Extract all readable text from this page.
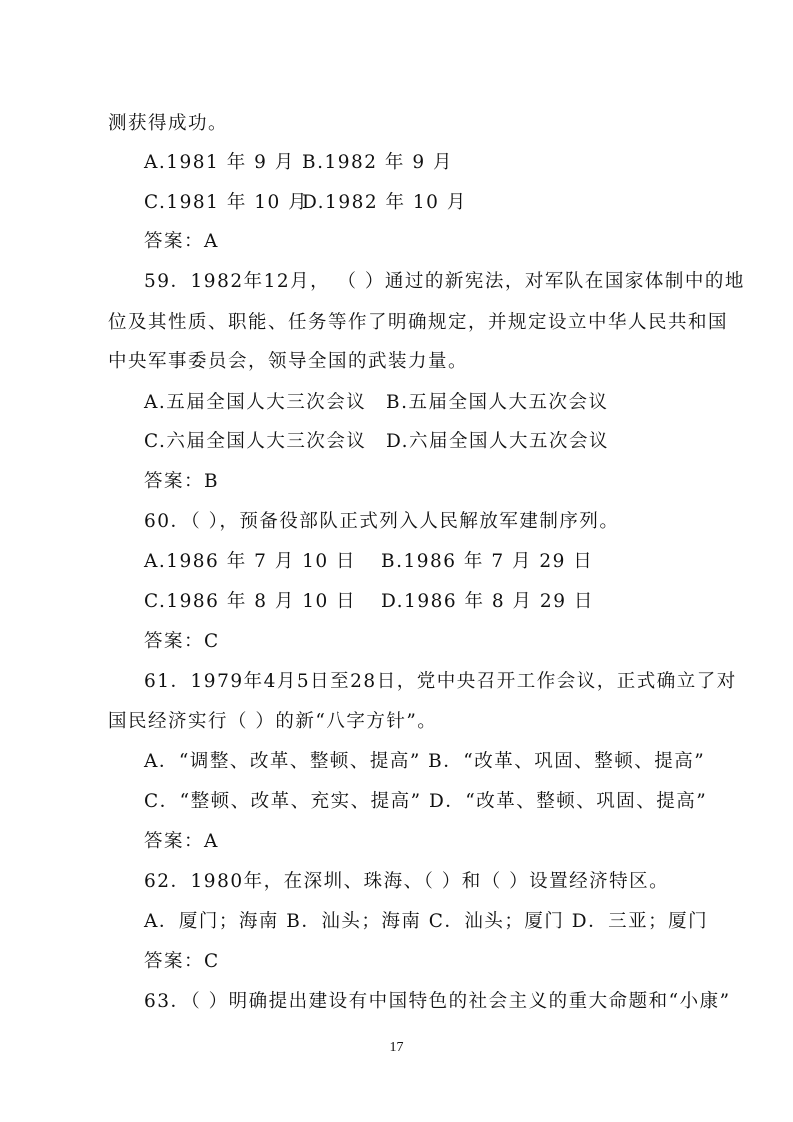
测获得成功。
A.1981 年 9 月 B.1982 年 9 月
C.1981 年 10 月
D.1982 年 10 月
答案：A
59．1982年12月， （ ）通过的新宪法，对军队在国家体制中的地
位及其性质、职能、任务等作了明确规定，并规定设立中华人民共和国
中央军事委员会，领导全国的武装力量。
A.五届全国人大三次会议 B.五届全国人大五次会议
C.六届全国人大三次会议 D.六届全国人大五次会议
答案：B
60．（ ），预备役部队正式列入人民解放军建制序列。
A.1986 年 7 月 10 日 B.1986 年 7 月 29 日
C.1986 年 8 月 10 日 D.1986 年 8 月 29 日
答案：C
61．1979年4月5日至28日，党中央召开工作会议，正式确立了对
国民经济实行（ ）的新“八字方针”。
A．“调整、改革、整顿、提高” B．“改革、巩固、整顿、提高”
C．“整顿、改革、充实、提高” D．“改革、整顿、巩固、提高”
答案：A
62．1980年，在深圳、珠海、（ ）和（ ）设置经济特区。
A．厦门；海南 B．汕头；海南 C．汕头；厦门 D．三亚；厦门
答案：C
63．（ ）明确提出建设有中国特色的社会主义的重大命题和“小康”
17
